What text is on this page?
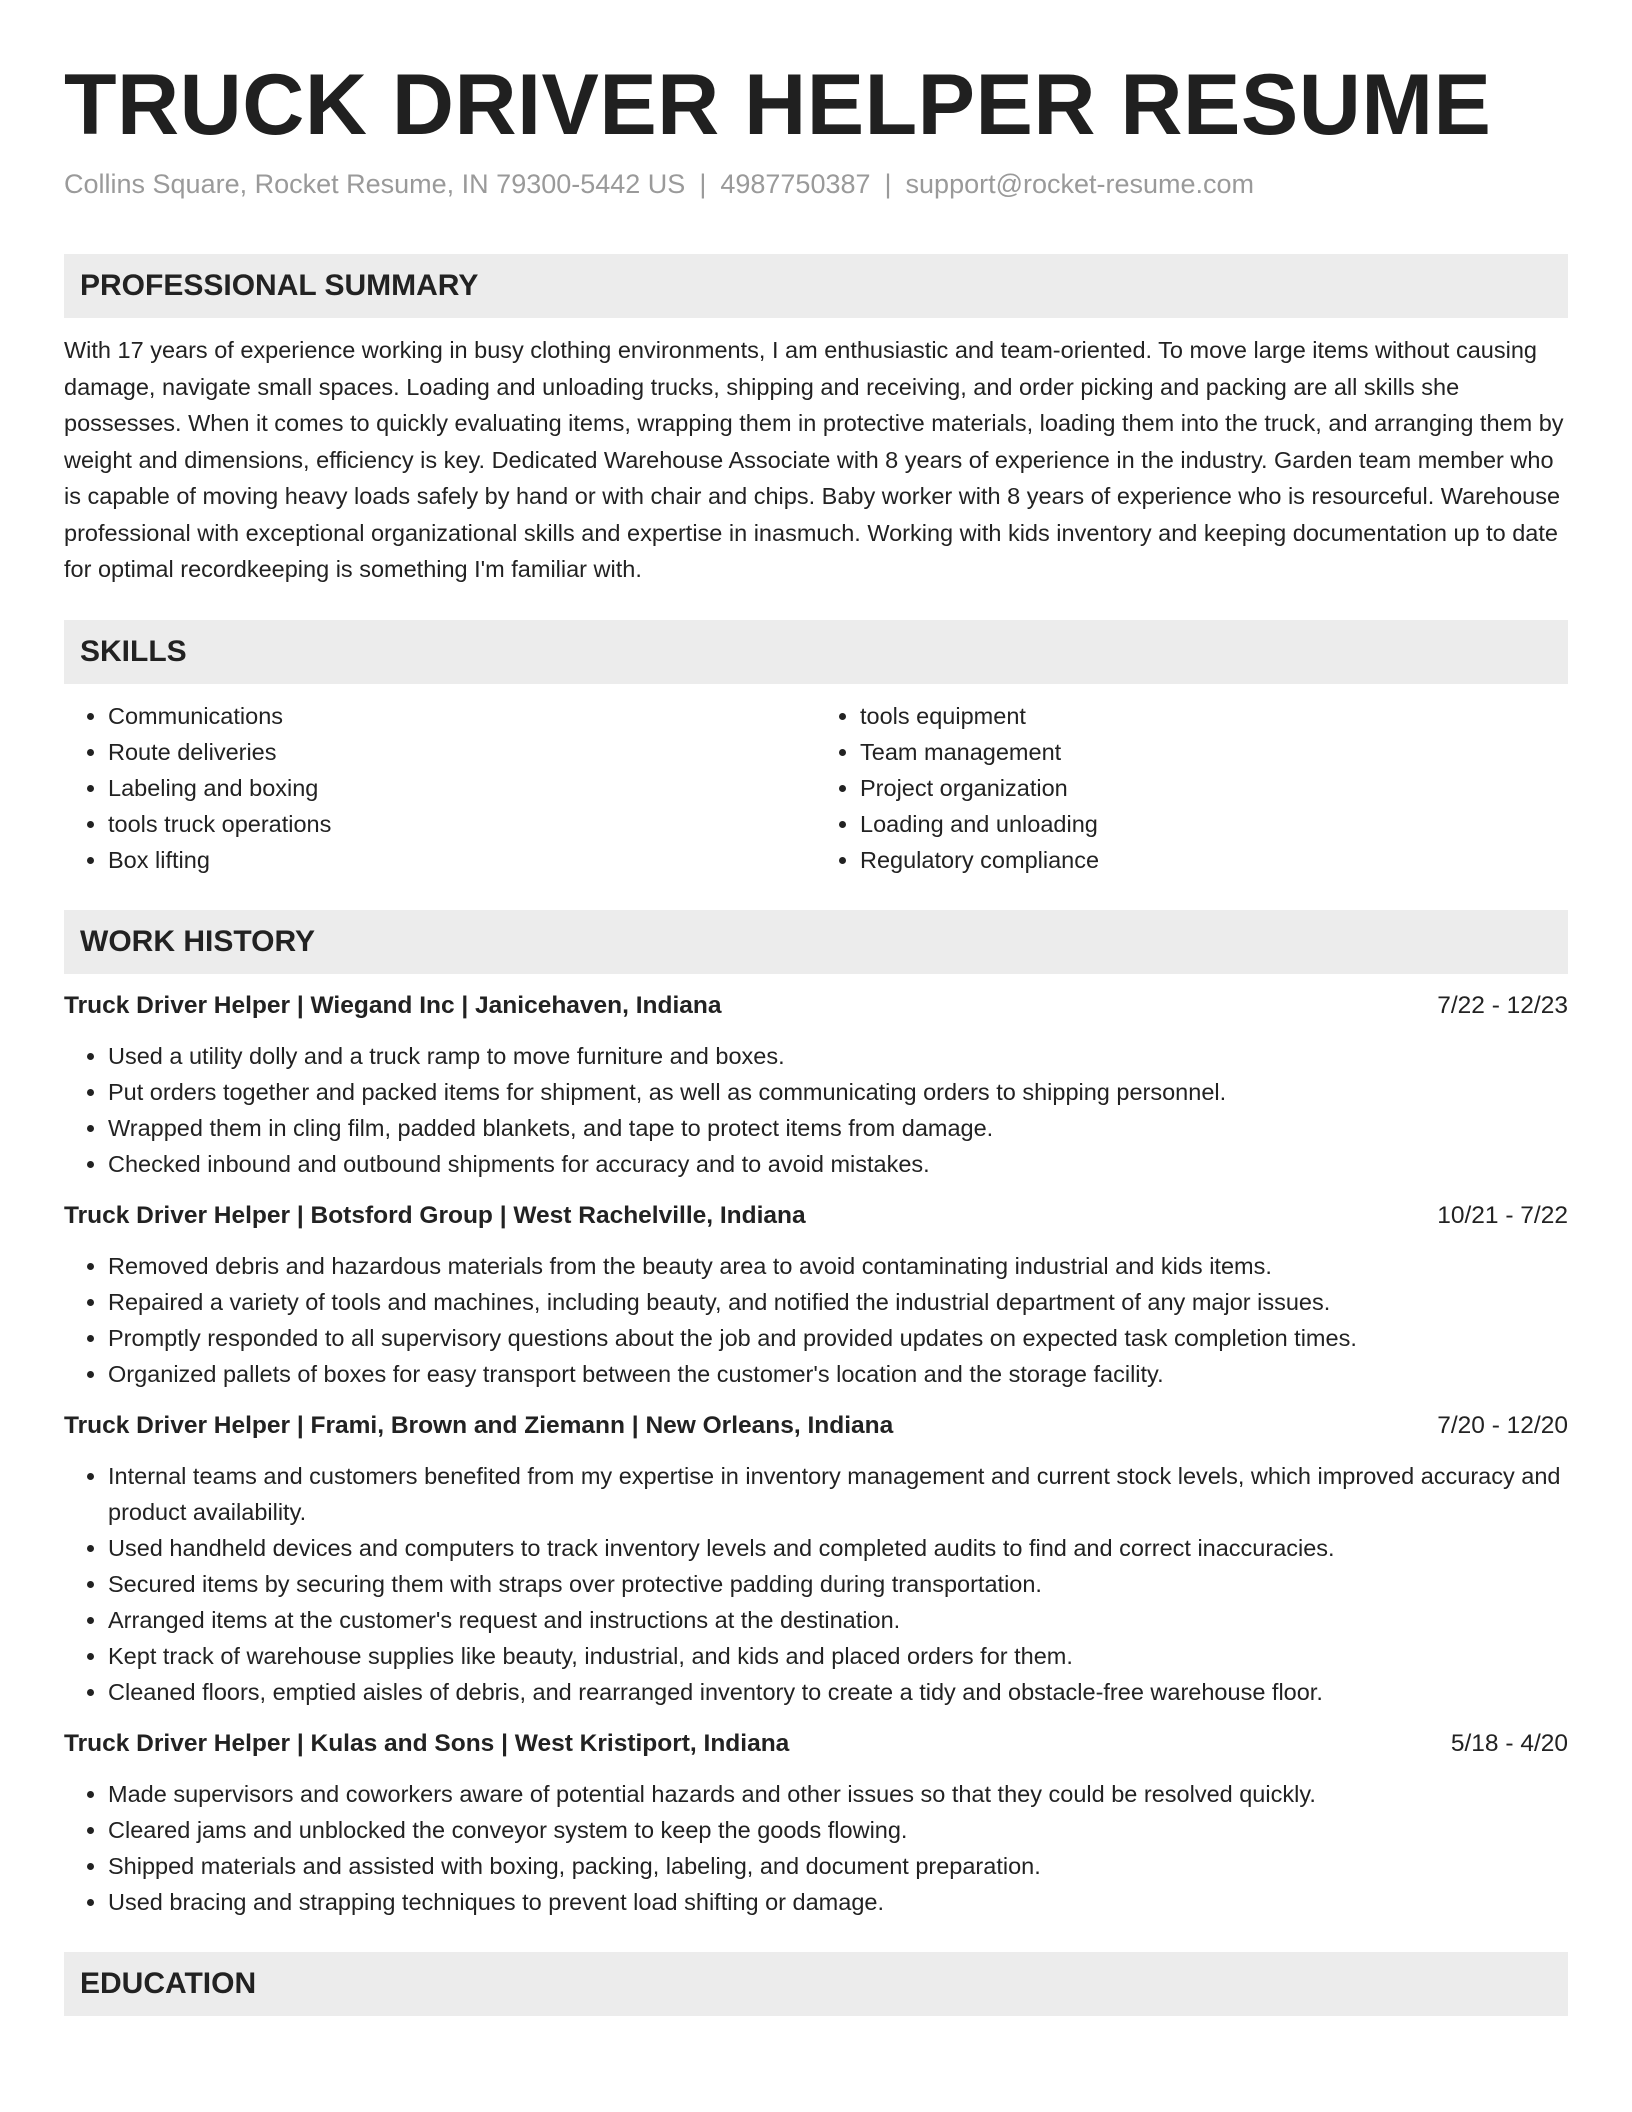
TRUCK DRIVER HELPER RESUME
Collins Square, Rocket Resume, IN 79300-5442 US | 4987750387 | support@rocket-resume.com
PROFESSIONAL SUMMARY

With 17 years of experience working in busy clothing environments, I am enthusiastic and team-oriented. To move large items without causing damage, navigate small spaces. Loading and unloading trucks, shipping and receiving, and order picking and packing are all skills she possesses. When it comes to quickly evaluating items, wrapping them in protective materials, loading them into the truck, and arranging them by weight and dimensions, efficiency is key. Dedicated Warehouse Associate with 8 years of experience in the industry. Garden team member who is capable of moving heavy loads safely by hand or with chair and chips. Baby worker with 8 years of experience who is resourceful. Warehouse professional with exceptional organizational skills and expertise in inasmuch. Working with kids inventory and keeping documentation up to date for optimal recordkeeping is something I'm familiar with.

SKILLS
• Communications
• Route deliveries
• Labeling and boxing
• tools truck operations
• Box lifting
• tools equipment
• Team management
• Project organization
• Loading and unloading
• Regulatory compliance
WORK HISTORY
Truck Driver Helper | Wiegand Inc | Janicehaven, Indiana	7/22 - 12/23
• Used a utility dolly and a truck ramp to move furniture and boxes.
• Put orders together and packed items for shipment, as well as communicating orders to shipping personnel.
• Wrapped them in cling film, padded blankets, and tape to protect items from damage.
• Checked inbound and outbound shipments for accuracy and to avoid mistakes.
Truck Driver Helper | Botsford Group | West Rachelville, Indiana	10/21 - 7/22
• Removed debris and hazardous materials from the beauty area to avoid contaminating industrial and kids items.
• Repaired a variety of tools and machines, including beauty, and notified the industrial department of any major issues.
• Promptly responded to all supervisory questions about the job and provided updates on expected task completion times.
• Organized pallets of boxes for easy transport between the customer's location and the storage facility.
Truck Driver Helper | Frami, Brown and Ziemann | New Orleans, Indiana	7/20 - 12/20
• Internal teams and customers benefited from my expertise in inventory management and current stock levels, which improved accuracy and product availability.
• Used handheld devices and computers to track inventory levels and completed audits to find and correct inaccuracies.
• Secured items by securing them with straps over protective padding during transportation.
• Arranged items at the customer's request and instructions at the destination.
• Kept track of warehouse supplies like beauty, industrial, and kids and placed orders for them.
• Cleaned floors, emptied aisles of debris, and rearranged inventory to create a tidy and obstacle-free warehouse floor.
Truck Driver Helper | Kulas and Sons | West Kristiport, Indiana	5/18 - 4/20
• Made supervisors and coworkers aware of potential hazards and other issues so that they could be resolved quickly.
• Cleared jams and unblocked the conveyor system to keep the goods flowing.
• Shipped materials and assisted with boxing, packing, labeling, and document preparation.
• Used bracing and strapping techniques to prevent load shifting or damage.
EDUCATION
